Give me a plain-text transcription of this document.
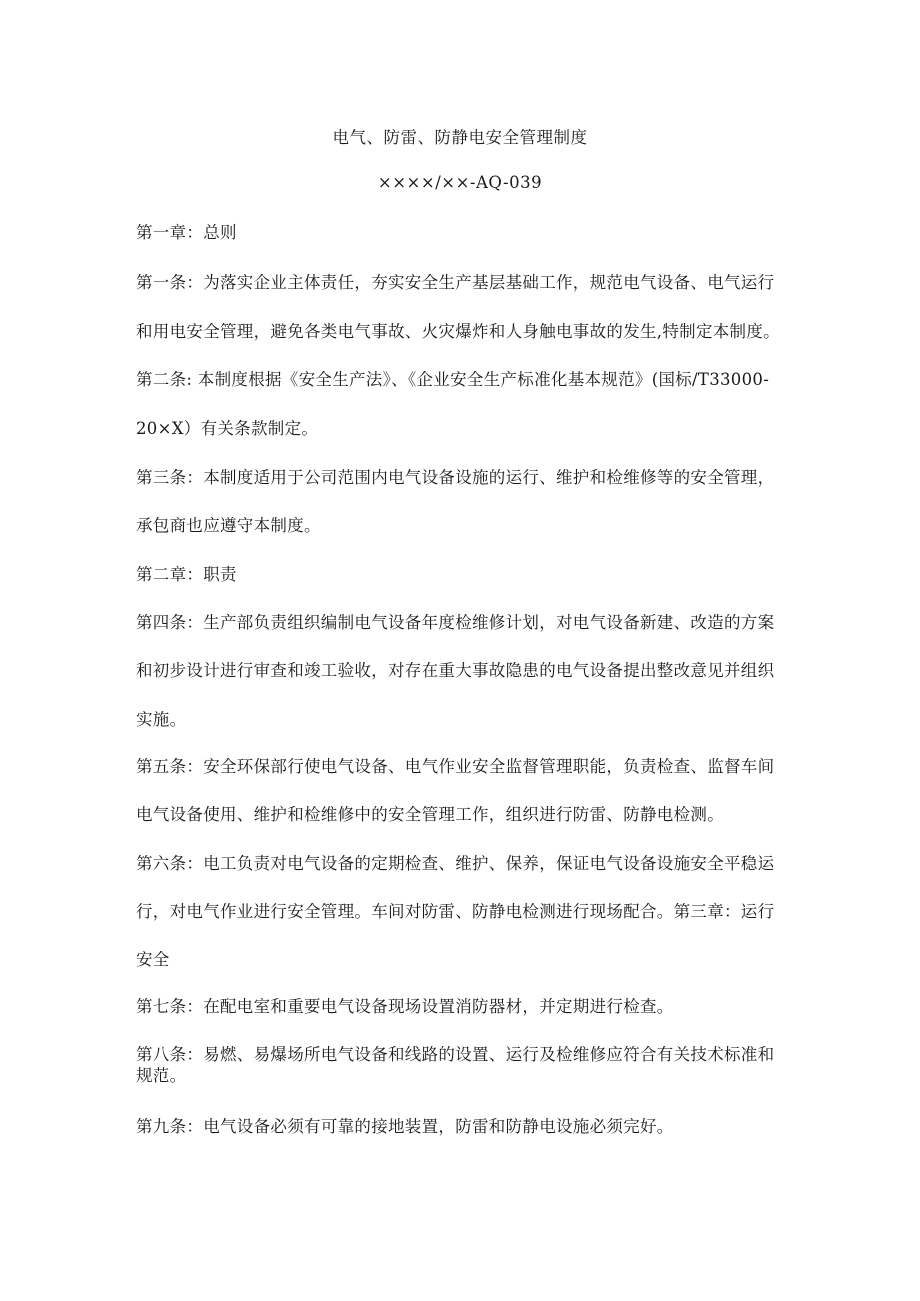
电气、防雷、防静电安全管理制度
××××/××-AQ-039
第一章：总则
第一条：为落实企业主体责任，夯实安全生产基层基础工作，规范电气设备、电气运行
和用电安全管理，避免各类电气事故、火灾爆炸和人身触电事故的发生,特制定本制度。
第二条: 本制度根据《安全生产法》、《企业安全生产标准化基本规范》(国标/T33000-
20×X）有关条款制定。
第三条：本制度适用于公司范围内电气设备设施的运行、维护和检维修等的安全管理，
承包商也应遵守本制度。
第二章：职责
第四条：生产部负责组织编制电气设备年度检维修计划，对电气设备新建、改造的方案
和初步设计进行审查和竣工验收，对存在重大事故隐患的电气设备提出整改意见并组织
实施。
第五条：安全环保部行使电气设备、电气作业安全监督管理职能，负责检查、监督车间
电气设备使用、维护和检维修中的安全管理工作，组织进行防雷、防静电检测。
第六条：电工负责对电气设备的定期检查、维护、保养，保证电气设备设施安全平稳运
行，对电气作业进行安全管理。车间对防雷、防静电检测进行现场配合。第三章：运行
安全
第七条：在配电室和重要电气设备现场设置消防器材，并定期进行检查。
第八条：易燃、易爆场所电气设备和线路的设置、运行及检维修应符合有关技术标准和
规范。
第九条：电气设备必须有可靠的接地装置，防雷和防静电设施必须完好。
